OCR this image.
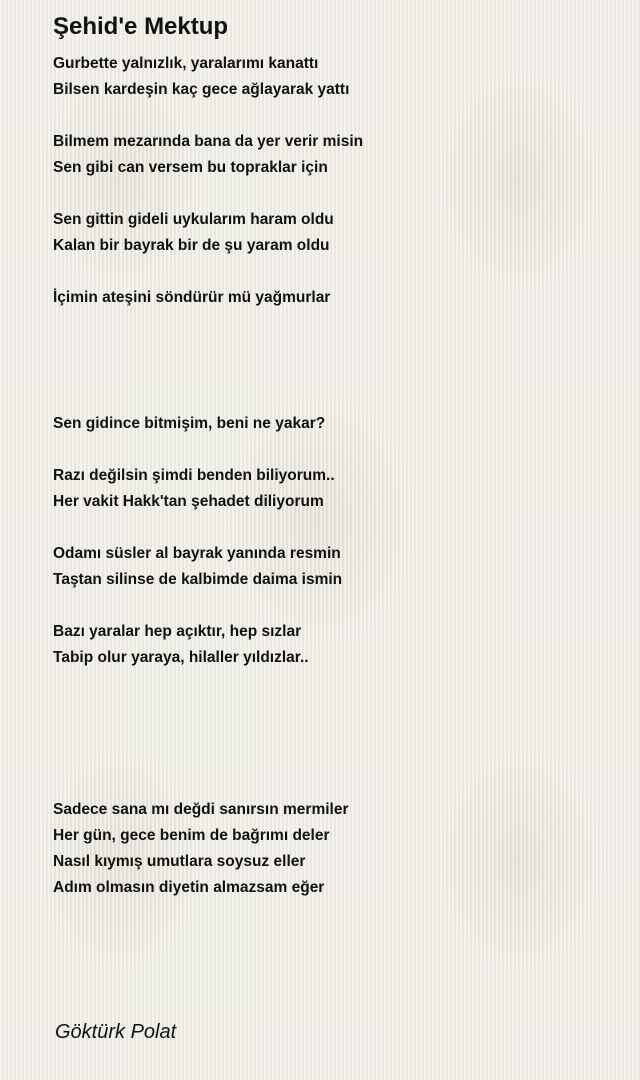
Şehid'e Mektup
Gurbette yalnızlık, yaralarımı kanattı
Bilsen kardeşin kaç gece ağlayarak yattı
Bilmem mezarında bana da yer verir misin
Sen gibi can versem bu topraklar için
Sen gittin gideli uykularım haram oldu
Kalan bir bayrak bir de şu yaram oldu
İçimin ateşini söndürür mü yağmurlar
Sen gidince bitmişim, beni ne yakar?
Razı değilsin şimdi benden biliyorum..
Her vakit Hakk'tan şehadet diliyorum
Odamı süsler al bayrak yanında resmin
Taştan silinse de kalbimde daima ismin
Bazı yaralar hep açıktır, hep sızlar
Tabip olur yaraya, hilaller yıldızlar..
Sadece sana mı değdi sanırsın mermiler
Her gün, gece benim de bağrımı deler
Nasıl kıymış umutlara soysuz eller
Adım olmasın diyetin almazsam eğer
Göktürk Polat
